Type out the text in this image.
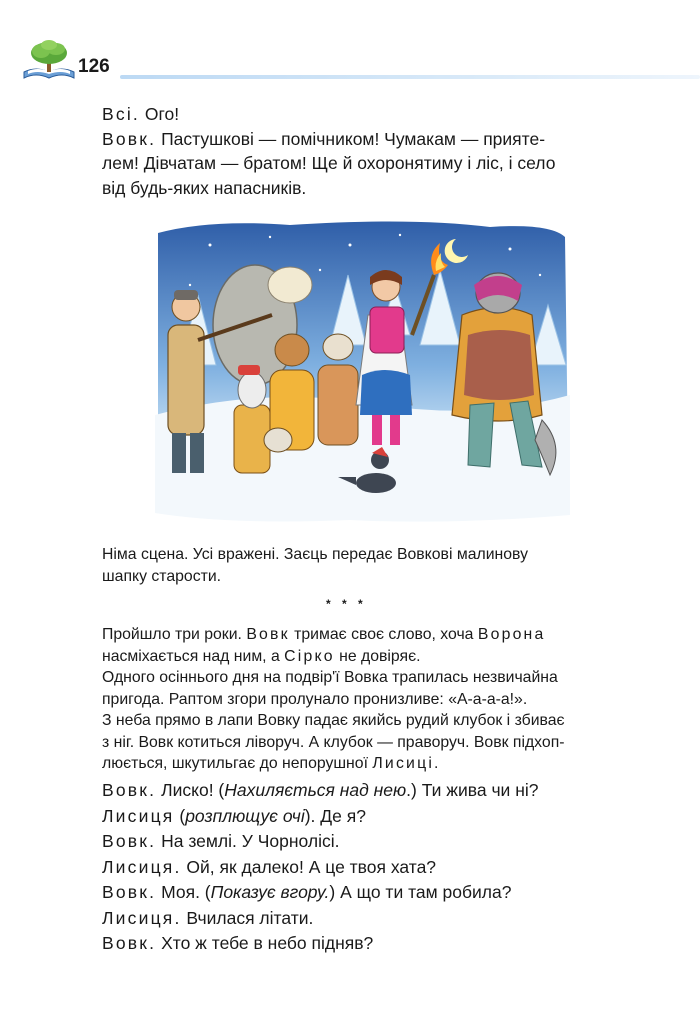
126

Всі. Ого!

Вовк. Пастушкові — помічником! Чумакам — прияте-

лем! Дівчатам — братом! Ще й охоронятиму і ліс, і село

від будь-яких напасників.

Німа сцена. Усі вражені. Заєць передає Вовкові малинову

шапку старости.

* * *

Пройшло три роки. Вовк тримає своє слово, хоча Ворона

насміхається над ним, а Сірко не довіряє.

Одного осіннього дня на подвір'ї Вовка трапилась незвичайна

пригода. Раптом згори пролунало пронизливе: «А-а-а-а!».

З неба прямо в лапи Вовку падає якийсь рудий клубок і збиває

з ніг. Вовк котиться ліворуч. А клубок — праворуч. Вовк підхоп-

люється, шкутильгає до непорушної Лисиці.

Вовк. Лиско! (Нахиляється над нею.) Ти жива чи ні?

Лисиця (розплющує очі). Де я?

Вовк. На землі. У Чорнолісі.

Лисиця. Ой, як далеко! А це твоя хата?

Вовк. Моя. (Показує вгору.) А що ти там робила?

Лисиця. Вчилася літати.

Вовк. Хто ж тебе в небо підняв?
